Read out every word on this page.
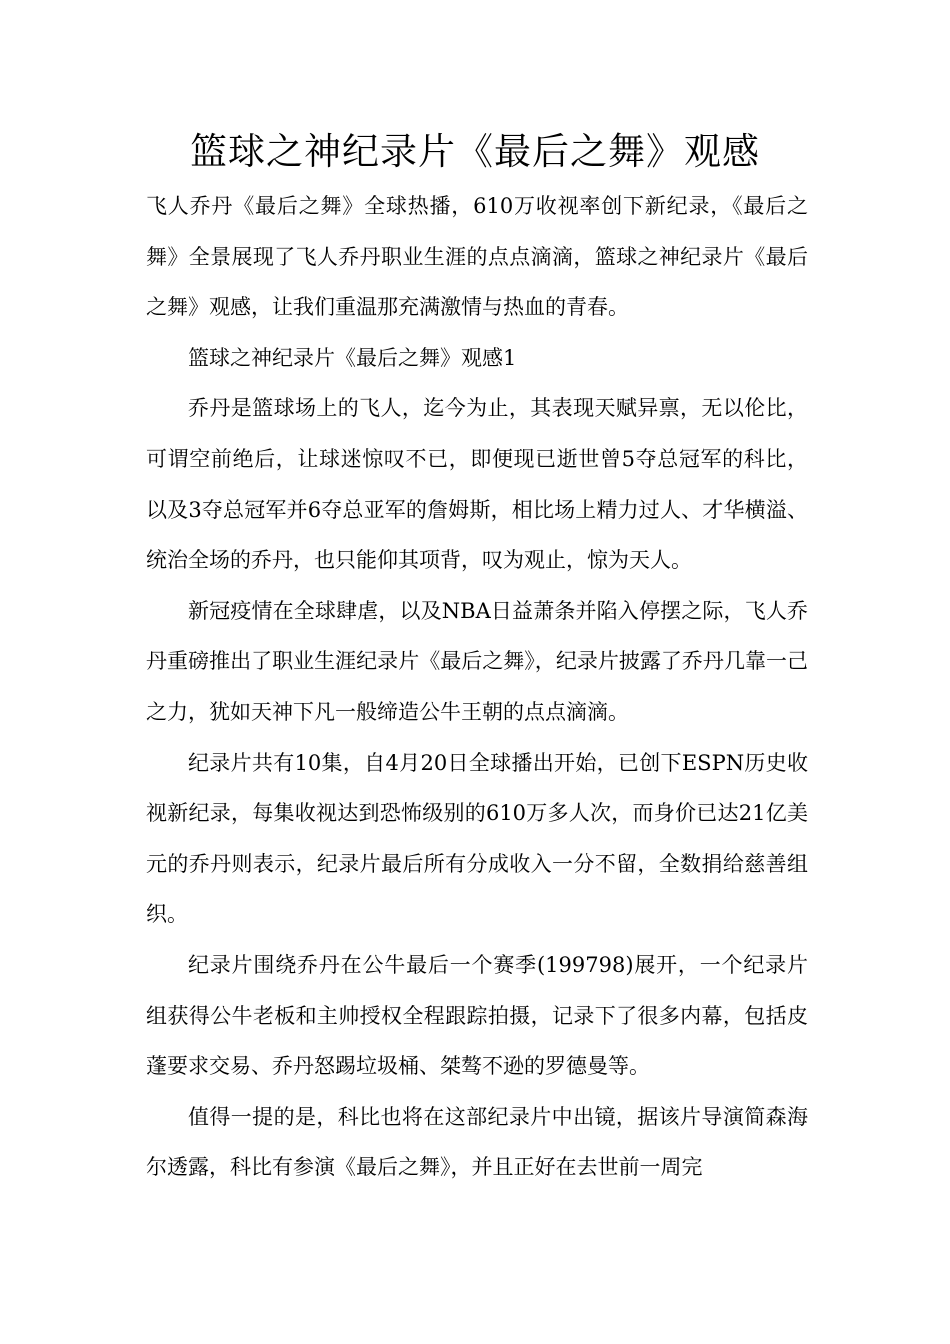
篮球之神纪录片《最后之舞》观感

飞人乔丹《最后之舞》全球热播，610万收视率创下新纪录，《最后之舞》全景展现了飞人乔丹职业生涯的点点滴滴，篮球之神纪录片《最后之舞》观感，让我们重温那充满激情与热血的青春。

篮球之神纪录片《最后之舞》观感1

乔丹是篮球场上的飞人，迄今为止，其表现天赋异禀，无以伦比，可谓空前绝后，让球迷惊叹不已，即便现已逝世曾5夺总冠军的科比，以及3夺总冠军并6夺总亚军的詹姆斯，相比场上精力过人、才华横溢、统治全场的乔丹，也只能仰其项背，叹为观止，惊为天人。

新冠疫情在全球肆虐，以及NBA日益萧条并陷入停摆之际，飞人乔丹重磅推出了职业生涯纪录片《最后之舞》，纪录片披露了乔丹几靠一己之力，犹如天神下凡一般缔造公牛王朝的点点滴滴。

纪录片共有10集，自4月20日全球播出开始，已创下ESPN历史收视新纪录，每集收视达到恐怖级别的610万多人次，而身价已达21亿美元的乔丹则表示，纪录片最后所有分成收入一分不留，全数捐给慈善组织。

纪录片围绕乔丹在公牛最后一个赛季(199798)展开，一个纪录片组获得公牛老板和主帅授权全程跟踪拍摄，记录下了很多内幕，包括皮蓬要求交易、乔丹怒踢垃圾桶、桀骜不逊的罗德曼等。

值得一提的是，科比也将在这部纪录片中出镜，据该片导演简森海尔透露，科比有参演《最后之舞》，并且正好在去世前一周完
